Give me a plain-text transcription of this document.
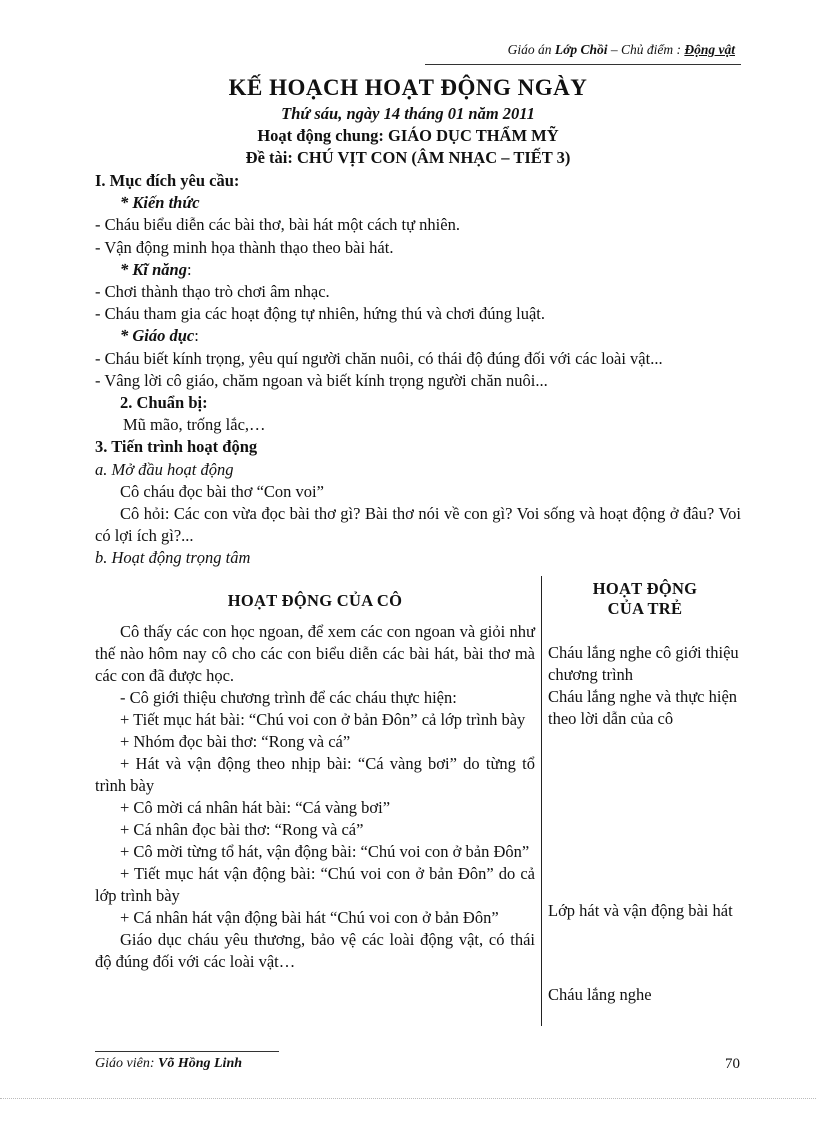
Giáo án Lớp Chồi – Chủ điểm : Động vật
KẾ HOẠCH HOẠT ĐỘNG NGÀY
Thứ sáu, ngày 14 tháng 01 năm 2011
Hoạt động chung: GIÁO DỤC THẨM MỸ
Đề tài: CHÚ VỊT CON (ÂM NHẠC – TIẾT 3)

I. Mục đích yêu cầu:

* Kiến thức

- Cháu biểu diễn các bài thơ, bài hát một cách tự nhiên.

- Vận động minh họa thành thạo theo bài hát.

* Kĩ năng:

- Chơi thành thạo trò chơi âm nhạc.

- Cháu tham gia các hoạt động tự nhiên, hứng thú và chơi đúng luật.

* Giáo dục:

- Cháu biết kính trọng, yêu quí người chăn nuôi, có thái độ đúng đối với các loài vật...

- Vâng lời cô giáo, chăm ngoan và biết kính trọng người chăn nuôi...

2. Chuẩn bị:

Mũ mão, trống lắc,…

3. Tiến trình hoạt động

a. Mở đầu hoạt động

Cô cháu đọc bài thơ “Con voi”

Cô hỏi: Các con vừa đọc bài thơ gì? Bài thơ nói về con gì? Voi sống và hoạt động ở đâu? Voi có lợi ích gì?...

b. Hoạt động trọng tâm

HOẠT ĐỘNG CỦA CÔ

Cô thấy các con học ngoan, để xem các con ngoan và giỏi như thế nào hôm nay cô cho các con biểu diễn các bài hát, bài thơ mà các con đã được học.

- Cô giới thiệu chương trình để các cháu thực hiện:

+ Tiết mục hát bài: “Chú voi con ở bản Đôn” cả lớp trình bày

+ Nhóm đọc bài thơ: “Rong và cá”

+ Hát và vận động theo nhịp bài: “Cá vàng bơi” do từng tổ trình bày

+ Cô mời cá nhân hát bài: “Cá vàng bơi”

+ Cá nhân đọc bài thơ: “Rong và cá”

+ Cô mời từng tổ hát, vận động bài: “Chú voi con ở bản Đôn”

+ Tiết mục hát vận động bài: “Chú voi con ở bản Đôn” do cả lớp trình bày

+ Cá nhân hát vận động bài hát “Chú voi con ở bản Đôn”

Giáo dục cháu yêu thương, bảo vệ các loài động vật, có thái độ đúng đối với các loài vật…

HOẠT ĐỘNG

CỦA TRẺ

Cháu lắng nghe cô giới thiệu chương trình

Cháu lắng nghe và thực hiện theo lời dẫn của cô

Lớp hát và vận động bài hát

Cháu lắng nghe

Giáo viên: Võ Hồng Linh	70
